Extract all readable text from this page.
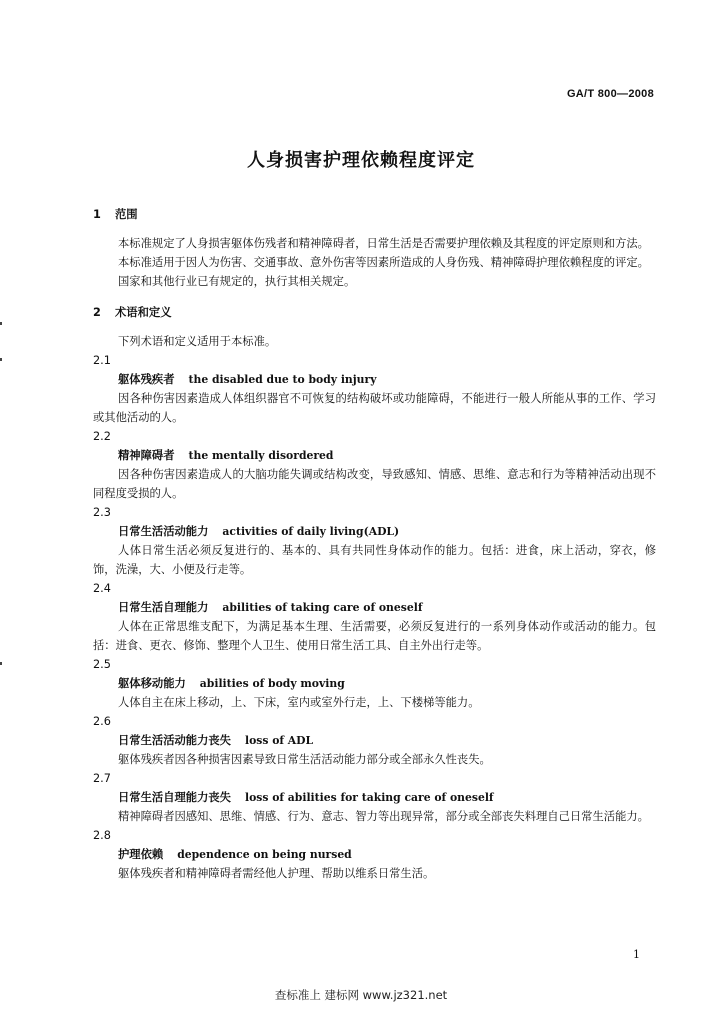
GA/T 800—2008
人身损害护理依赖程度评定
1 范围

本标准规定了人身损害躯体伤残者和精神障碍者，日常生活是否需要护理依赖及其程度的评定原则和方法。

本标准适用于因人为伤害、交通事故、意外伤害等因素所造成的人身伤残、精神障碍护理依赖程度的评定。

国家和其他行业已有规定的，执行其相关规定。

2 术语和定义

下列术语和定义适用于本标准。

2.1
躯体残疾者 the disabled due to body injury

因各种伤害因素造成人体组织器官不可恢复的结构破坏或功能障碍，不能进行一般人所能从事的工作、学习或其他活动的人。

2.2
精神障碍者 the mentally disordered

因各种伤害因素造成人的大脑功能失调或结构改变，导致感知、情感、思维、意志和行为等精神活动出现不同程度受损的人。

2.3
日常生活活动能力 activities of daily living(ADL)

人体日常生活必须反复进行的、基本的、具有共同性身体动作的能力。包括：进食，床上活动，穿衣，修饰，洗澡，大、小便及行走等。

2.4
日常生活自理能力 abilities of taking care of oneself

人体在正常思维支配下，为满足基本生理、生活需要，必须反复进行的一系列身体动作或活动的能力。包括：进食、更衣、修饰、整理个人卫生、使用日常生活工具、自主外出行走等。

2.5
躯体移动能力 abilities of body moving

人体自主在床上移动，上、下床，室内或室外行走，上、下楼梯等能力。

2.6
日常生活活动能力丧失 loss of ADL

躯体残疾者因各种损害因素导致日常生活活动能力部分或全部永久性丧失。

2.7
日常生活自理能力丧失 loss of abilities for taking care of oneself

精神障碍者因感知、思维、情感、行为、意志、智力等出现异常，部分或全部丧失料理自己日常生活能力。

2.8
护理依赖 dependence on being nursed

躯体残疾者和精神障碍者需经他人护理、帮助以维系日常生活。

1
查标准上 建标网 www.jz321.net
